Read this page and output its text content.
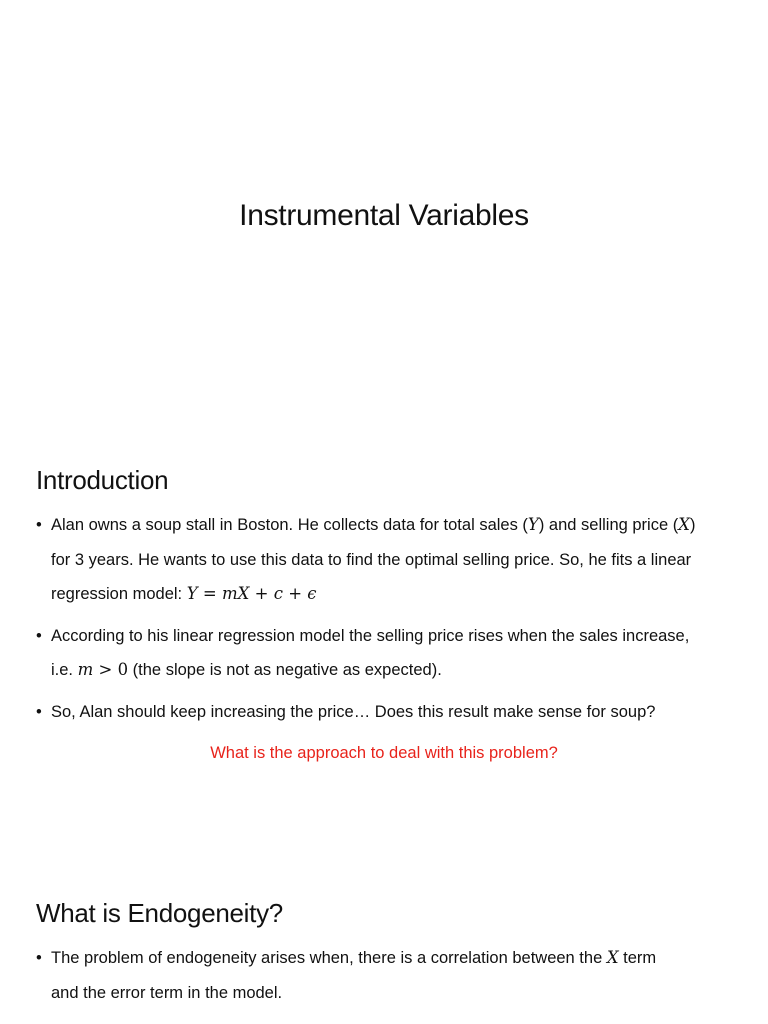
Instrumental Variables
Introduction
• Alan owns a soup stall in Boston. He collects data for total sales (Y) and selling price (X)
for 3 years. He wants to use this data to find the optimal selling price. So, he fits a linear
regression model: Y = mX + c + ϵ
• According to his linear regression model the selling price rises when the sales increase,
i.e. m > 0 (the slope is not as negative as expected).
• So, Alan should keep increasing the price… Does this result make sense for soup?
What is the approach to deal with this problem?
What is Endogeneity?
• The problem of endogeneity arises when, there is a correlation between the X term
and the error term in the model.
